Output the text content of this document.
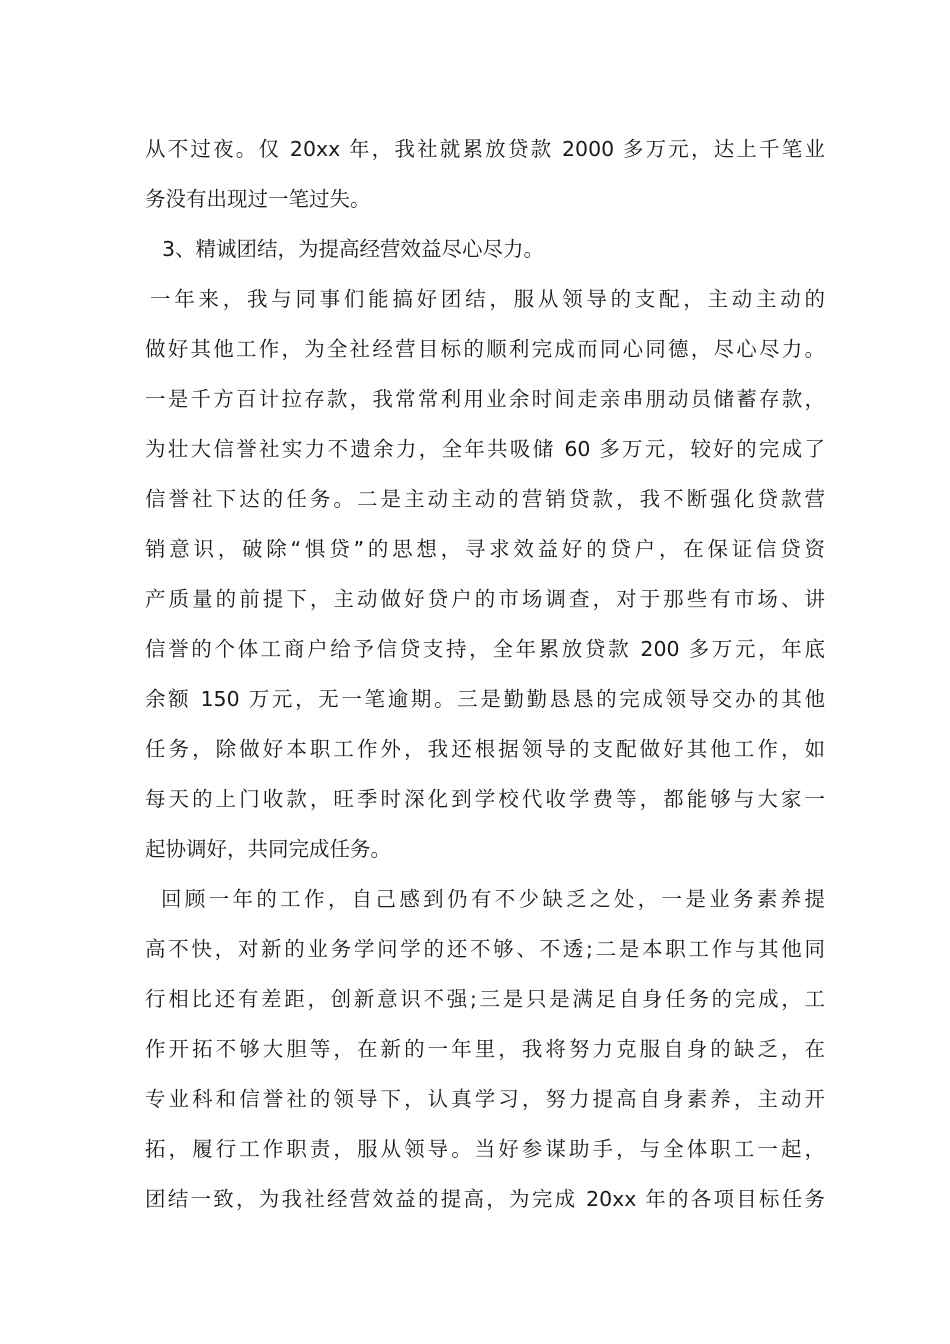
从不过夜。仅 20xx 年，我社就累放贷款 2000 多万元，达上千笔业
务没有出现过一笔过失。
3、精诚团结，为提高经营效益尽心尽力。
一年来，我与同事们能搞好团结，服从领导的支配，主动主动的
做好其他工作，为全社经营目标的顺利完成而同心同德，尽心尽力。
一是千方百计拉存款，我常常利用业余时间走亲串朋动员储蓄存款，
为壮大信誉社实力不遗余力，全年共吸储 60 多万元，较好的完成了
信誉社下达的任务。二是主动主动的营销贷款，我不断强化贷款营
销意识，破除“惧贷”的思想，寻求效益好的贷户，在保证信贷资
产质量的前提下，主动做好贷户的市场调查，对于那些有市场、讲
信誉的个体工商户给予信贷支持，全年累放贷款 200 多万元，年底
余额 150 万元，无一笔逾期。三是勤勤恳恳的完成领导交办的其他
任务，除做好本职工作外，我还根据领导的支配做好其他工作，如
每天的上门收款，旺季时深化到学校代收学费等，都能够与大家一
起协调好，共同完成任务。
回顾一年的工作，自己感到仍有不少缺乏之处，一是业务素养提
高不快，对新的业务学问学的还不够、不透;二是本职工作与其他同
行相比还有差距，创新意识不强;三是只是满足自身任务的完成，工
作开拓不够大胆等，在新的一年里，我将努力克服自身的缺乏，在
专业科和信誉社的领导下，认真学习，努力提高自身素养，主动开
拓，履行工作职责，服从领导。当好参谋助手，与全体职工一起，
团结一致，为我社经营效益的提高，为完成 20xx 年的各项目标任务
